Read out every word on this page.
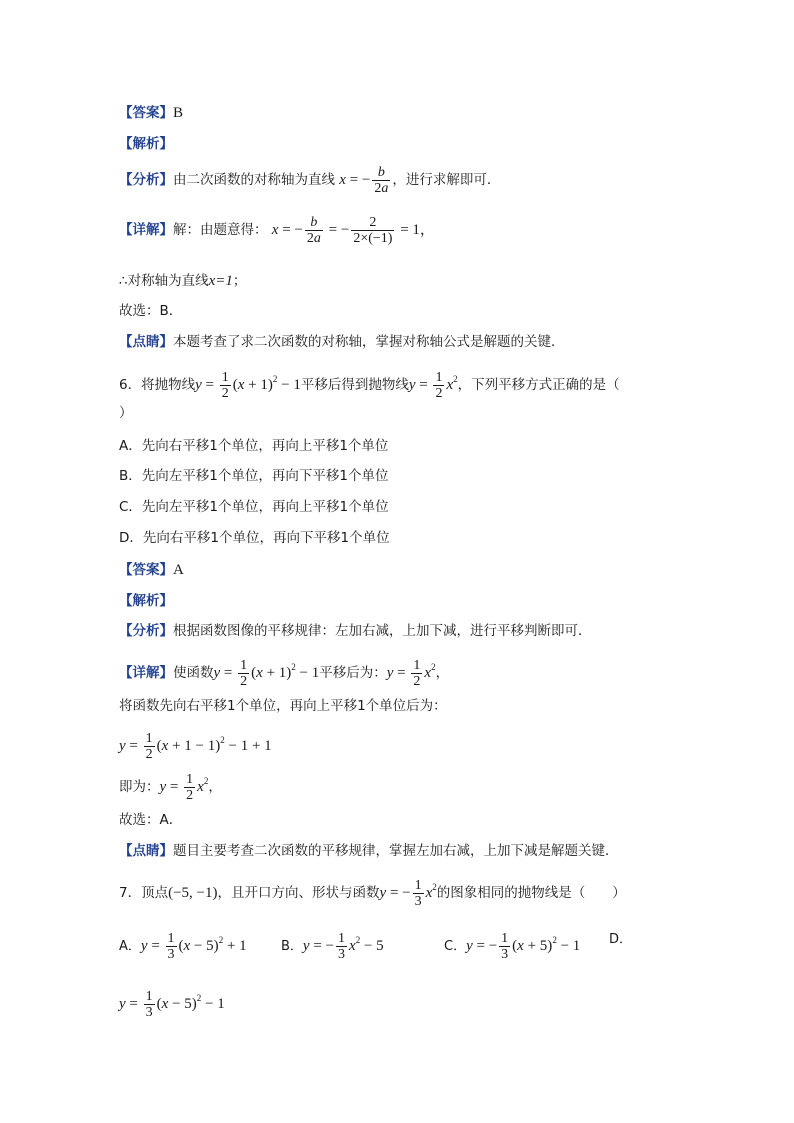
【答案】B
【解析】
【分析】由二次函数的对称轴为直线 x = − $\frac{b}{2a}$ ，进行求解即可．
【详解】解：由题意得： x = − $\frac{b}{2a}$ = − $\frac{2}{2\times(-1)} = 1$，
∴对称轴为直线x=1；
故选：B．
【点睛】本题考查了求二次函数的对称轴，掌握对称轴公式是解题的关键．
6．将抛物线$y = \frac{1}{2} (x + 1)^2 - 1$平移后得到抛物线$y = \frac{1}{2} x^2$，下列平移方式正确的是（
）
A．先向右平移1个单位，再向上平移1个单位
B．先向左平移1个单位，再向下平移1个单位
C．先向左平移1个单位，再向上平移1个单位
D．先向右平移1个单位，再向下平移1个单位
【答案】A
【解析】
【分析】根据函数图像的平移规律：左加右减，上加下减，进行平移判断即可．
【详解】使函数$y = \frac{1}{2} (x + 1)^2 - 1$平移后为：$y = \frac{1}{2} x^2$，
将函数先向右平移1个单位，再向上平移1个单位后为：
$y = \frac{1}{2} (x + 1 - 1)^2 - 1 + 1$
即为：$y = \frac{1}{2} x^2$，
故选：A．
【点睛】题目主要考查二次函数的平移规律，掌握左加右减，上加下减是解题关键．
7．顶点(−5, −1)，且开口方向、形状与函数y = − $\frac{1}{3} x^2$的图象相同的抛物线是（　　）
A．$y = \frac{1}{3} (x - 5)^2 + 1$	B．y = − $\frac{1}{3} x^2 - 5$	C．y = − $\frac{1}{3} (x + 5)^2 - 1$ D．
$y = \frac{1}{3} (x - 5)^2 - 1$
